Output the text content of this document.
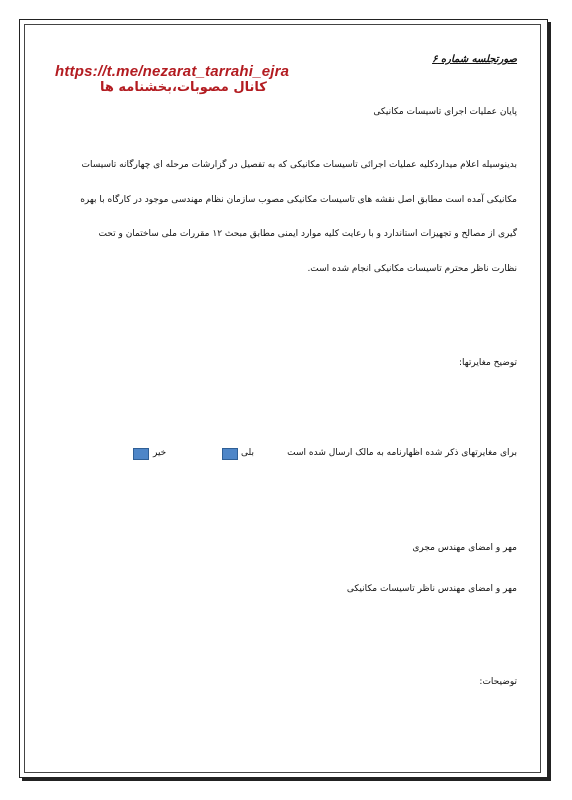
صورتجلسه شماره ۶
https://t.me/nezarat_tarrahi_ejra
کانال مصوبات،بخشنامه ها
پایان عملیات اجرای تاسیسات مکانیکی
بدینوسیله اعلام میداردکلیه عملیات اجرائی تاسیسات مکانیکی که به تفصیل در گزارشات مرحله ای چهارگانه تاسیسات
مکانیکی آمده است مطابق اصل نقشه های تاسیسات مکانیکی مصوب سازمان نظام مهندسی موجود در کارگاه با بهره
گیری از مصالح و تجهیزات استاندارد و با رعایت کلیه موارد ایمنی مطابق مبحث ۱۲ مقررات ملی ساختمان و تحت
نظارت ناظر محترم تاسیسات مکانیکی انجام شده است.
توضیح مغایرتها:
برای مغایرتهای ذکر شده اظهارنامه به مالک ارسال شده است
بلی
خیر
مهر و امضای مهندس مجری
مهر و امضای مهندس ناظر تاسیسات مکانیکی
توضیحات:
